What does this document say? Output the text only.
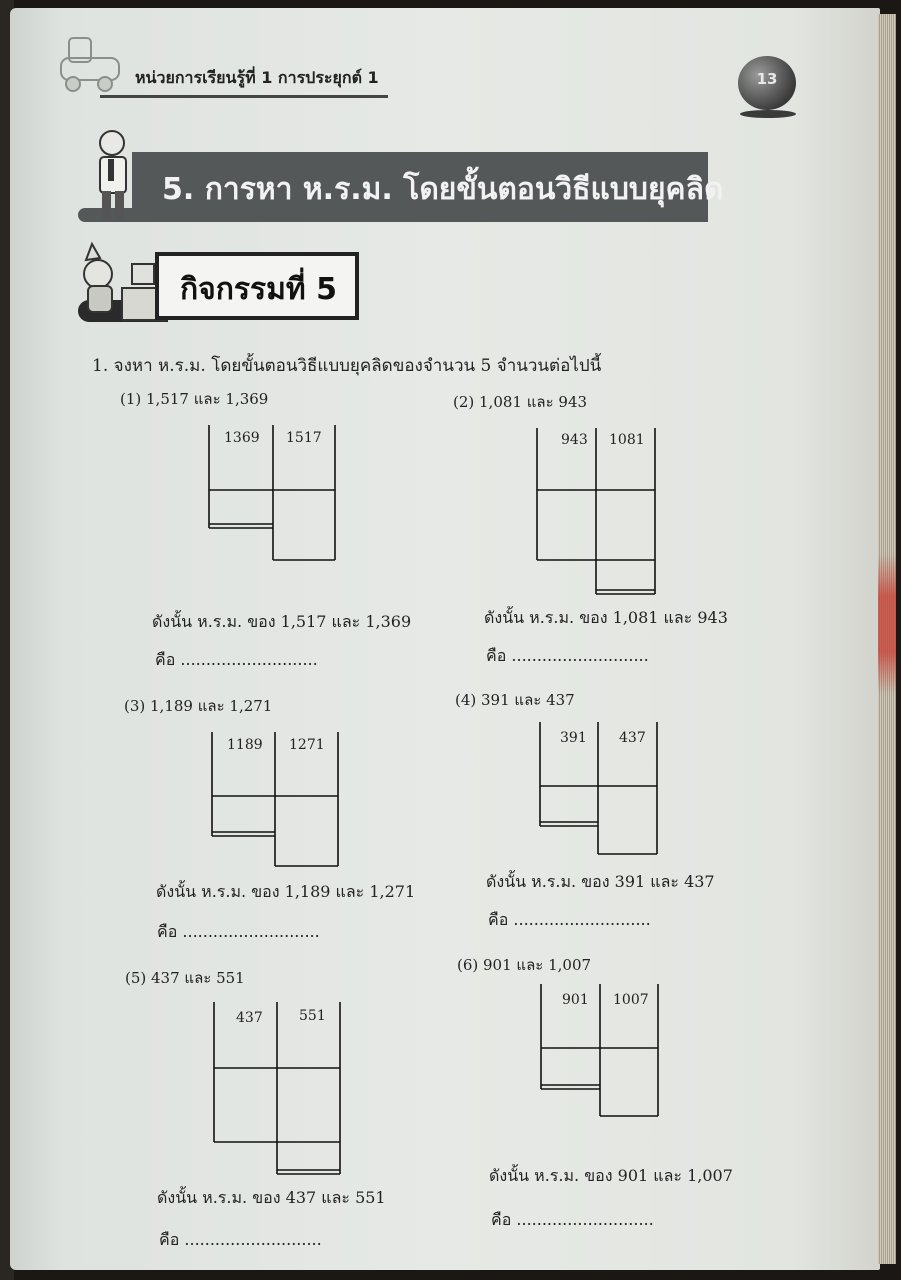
หน่วยการเรียนรู้ที่ 1 การประยุกต์ 1	13
5. การหา ห.ร.ม. โดยขั้นตอนวิธีแบบยุคลิด
กิจกรรมที่ 5
1. จงหา ห.ร.ม. โดยขั้นตอนวิธีแบบยุคลิดของจำนวน 5 จำนวนต่อไปนี้
(1) 1,517 และ 1,369	(2) 1,081 และ 943
(3) 1,189 และ 1,271	(4) 391 และ 437
(5) 437 และ 551
(6) 901 และ 1,007
1369 1517	943 1081
1189 1271	391 437
437	551
901 1007
ดังนั้น ห.ร.ม. ของ 1,517 และ 1,369
คือ ...........................
ดังนั้น ห.ร.ม. ของ 1,081 และ 943
คือ ...........................
ดังนั้น ห.ร.ม. ของ 1,189 และ 1,271
คือ ...........................
ดังนั้น ห.ร.ม. ของ 391 และ 437
คือ ...........................
ดังนั้น ห.ร.ม. ของ 437 และ 551
คือ ...........................
ดังนั้น ห.ร.ม. ของ 901 และ 1,007
คือ ...........................
